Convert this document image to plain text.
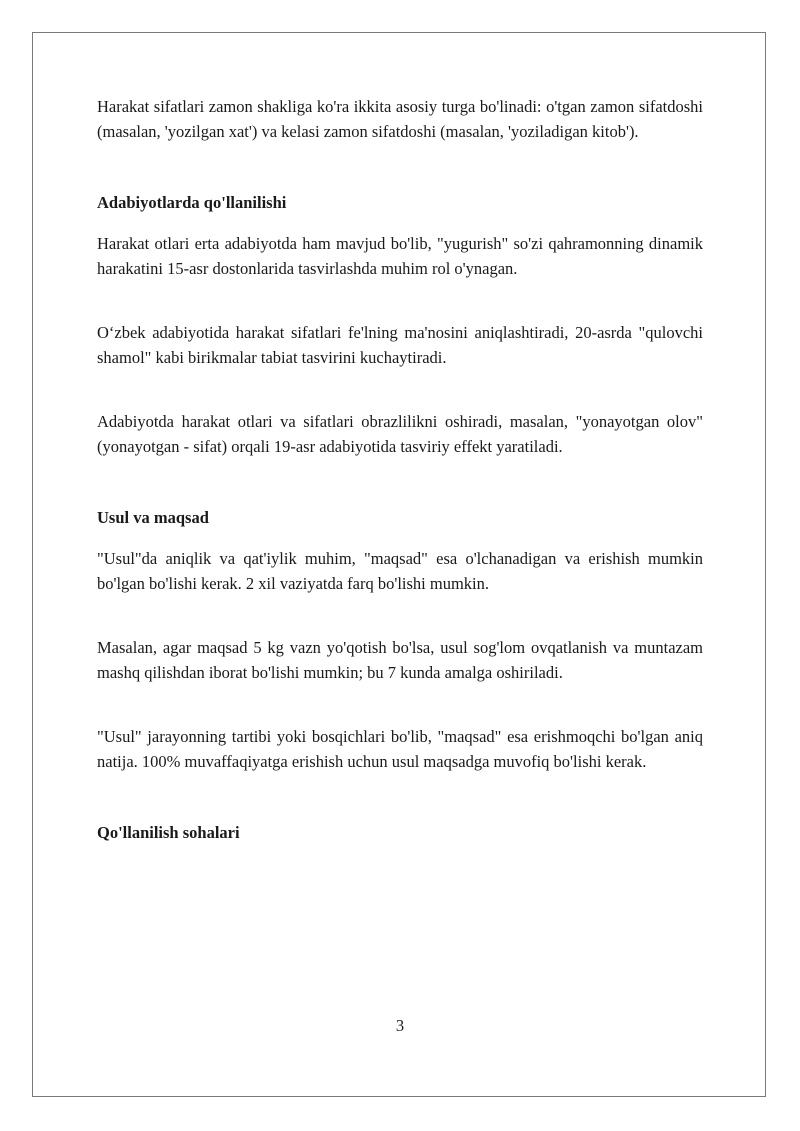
Harakat sifatlari zamon shakliga ko'ra ikkita asosiy turga bo'linadi: o'tgan zamon sifatdoshi (masalan, 'yozilgan xat') va kelasi zamon sifatdoshi (masalan, 'yoziladigan kitob').

Adabiyotlarda qo'llanilishi

Harakat otlari erta adabiyotda ham mavjud bo'lib, "yugurish" so'zi qahramonning dinamik harakatini 15-asr dostonlarida tasvirlashda muhim rol o'ynagan.

O‘zbek adabiyotida harakat sifatlari fe'lning ma'nosini aniqlashtiradi, 20-asrda "qulovchi shamol" kabi birikmalar tabiat tasvirini kuchaytiradi.

Adabiyotda harakat otlari va sifatlari obrazlilikni oshiradi, masalan, "yonayotgan olov" (yonayotgan - sifat) orqali 19-asr adabiyotida tasviriy effekt yaratiladi.

Usul va maqsad

"Usul"da aniqlik va qat'iylik muhim, "maqsad" esa o'lchanadigan va erishish mumkin bo'lgan bo'lishi kerak. 2 xil vaziyatda farq bo'lishi mumkin.

Masalan, agar maqsad 5 kg vazn yo'qotish bo'lsa, usul sog'lom ovqatlanish va muntazam mashq qilishdan iborat bo'lishi mumkin; bu 7 kunda amalga oshiriladi.

"Usul" jarayonning tartibi yoki bosqichlari bo'lib, "maqsad" esa erishmoqchi bo'lgan aniq natija. 100% muvaffaqiyatga erishish uchun usul maqsadga muvofiq bo'lishi kerak.

Qo'llanilish sohalari

3
